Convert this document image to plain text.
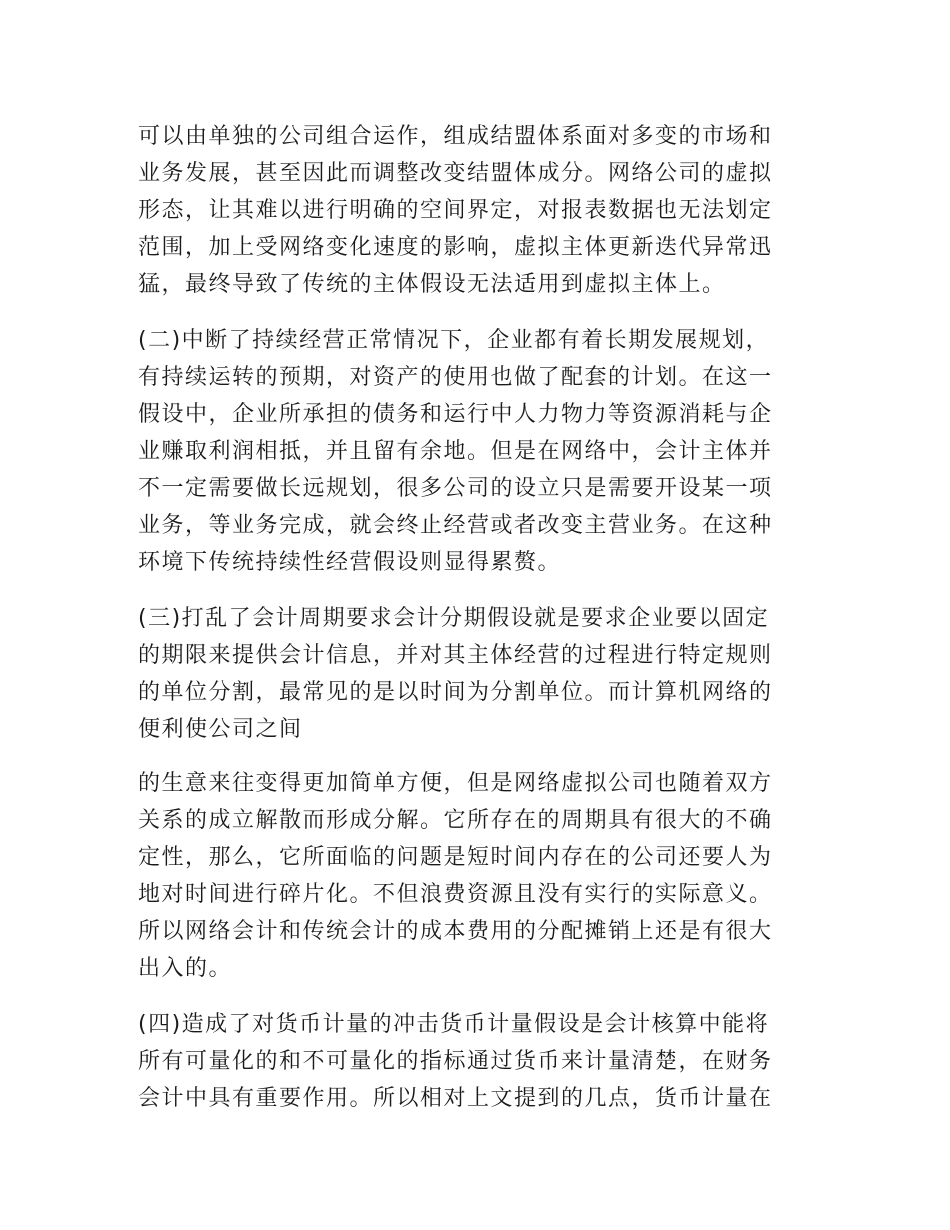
可以由单独的公司组合运作，组成结盟体系面对多变的市场和
业务发展，甚至因此而调整改变结盟体成分。网络公司的虚拟
形态，让其难以进行明确的空间界定，对报表数据也无法划定
范围，加上受网络变化速度的影响，虚拟主体更新迭代异常迅
猛，最终导致了传统的主体假设无法适用到虚拟主体上。

(二)中断了持续经营正常情况下，企业都有着长期发展规划，
有持续运转的预期，对资产的使用也做了配套的计划。在这一
假设中，企业所承担的债务和运行中人力物力等资源消耗与企
业赚取利润相抵，并且留有余地。但是在网络中，会计主体并
不一定需要做长远规划，很多公司的设立只是需要开设某一项
业务，等业务完成，就会终止经营或者改变主营业务。在这种
环境下传统持续性经营假设则显得累赘。

(三)打乱了会计周期要求会计分期假设就是要求企业要以固定
的期限来提供会计信息，并对其主体经营的过程进行特定规则
的单位分割，最常见的是以时间为分割单位。而计算机网络的
便利使公司之间

的生意来往变得更加简单方便，但是网络虚拟公司也随着双方
关系的成立解散而形成分解。它所存在的周期具有很大的不确
定性，那么，它所面临的问题是短时间内存在的公司还要人为
地对时间进行碎片化。不但浪费资源且没有实行的实际意义。
所以网络会计和传统会计的成本费用的分配摊销上还是有很大
出入的。

(四)造成了对货币计量的冲击货币计量假设是会计核算中能将
所有可量化的和不可量化的指标通过货币来计量清楚，在财务
会计中具有重要作用。所以相对上文提到的几点，货币计量在
